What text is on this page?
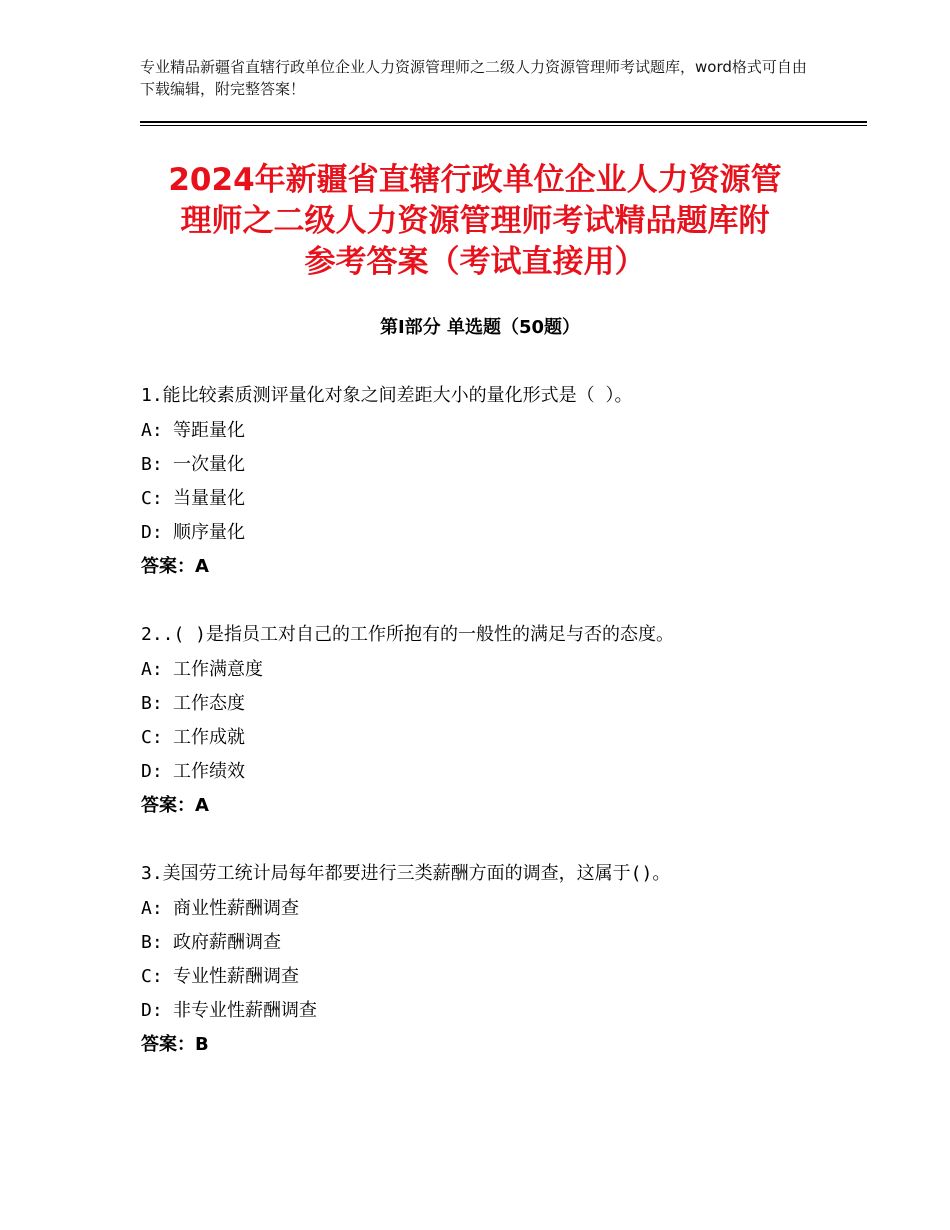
专业精品新疆省直辖行政单位企业人力资源管理师之二级人力资源管理师考试题库，word格式可自由下载编辑，附完整答案！
2024年新疆省直辖行政单位企业人力资源管
理师之二级人力资源管理师考试精品题库附
参考答案（考试直接用）
第Ⅰ部分 单选题（50题）
1.能比较素质测评量化对象之间差距大小的量化形式是（ ）。
A: 等距量化
B: 一次量化
C: 当量量化
D: 顺序量化
答案：A
2..( )是指员工对自己的工作所抱有的一般性的满足与否的态度。
A: 工作满意度
B: 工作态度
C: 工作成就
D: 工作绩效
答案：A
3.美国劳工统计局每年都要进行三类薪酬方面的调查，这属于()。
A: 商业性薪酬调查
B: 政府薪酬调查
C: 专业性薪酬调查
D: 非专业性薪酬调查
答案：B
